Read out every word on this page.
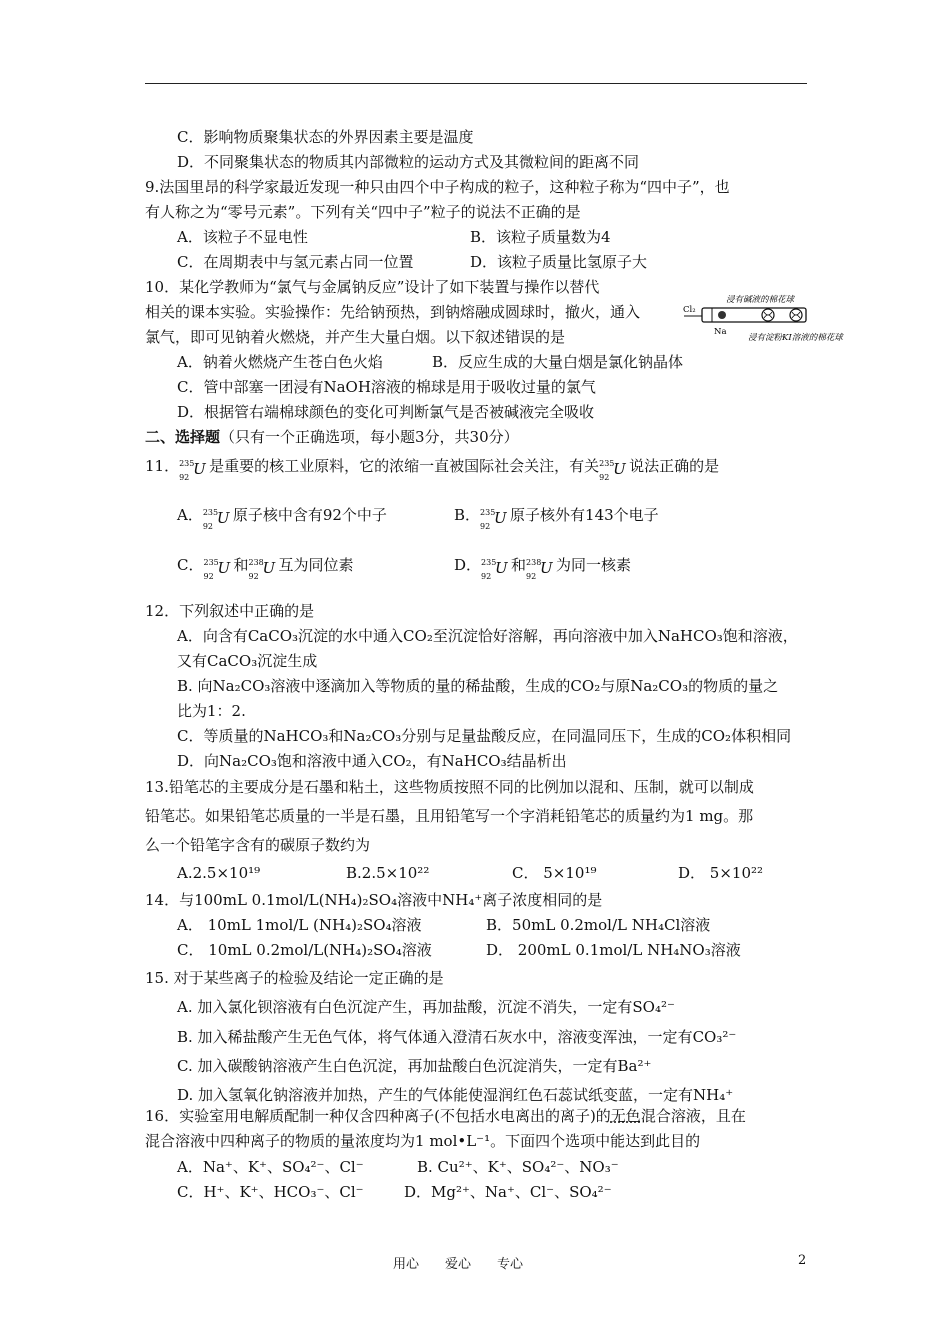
C．影响物质聚集状态的外界因素主要是温度
D．不同聚集状态的物质其内部微粒的运动方式及其微粒间的距离不同
9.法国里昂的科学家最近发现一种只由四个中子构成的粒子，这种粒子称为“四中子”，也
有人称之为“零号元素”。下列有关“四中子”粒子的说法不正确的是
A．该粒子不显电性	B．该粒子质量数为4
C．在周期表中与氢元素占同一位置	D．该粒子质量比氢原子大
10．某化学教师为“氯气与金属钠反应”设计了如下装置与操作以替代
相关的课本实验。实验操作：先给钠预热，到钠熔融成圆球时，撤火，通入
氯气，即可见钠着火燃烧，并产生大量白烟。以下叙述错误的是
A．钠着火燃烧产生苍白色火焰	B．反应生成的大量白烟是氯化钠晶体
C．管中部塞一团浸有NaOH溶液的棉球是用于吸收过量的氯气
D．根据管右端棉球颜色的变化可判断氯气是否被碱液完全吸收
浸有碱液的棉花球
Cl₂
Na
浸有淀粉KI溶液的棉花球
二、选择题（只有一个正确选项，每小题3分，共30分）
11． 235
92 U 是重要的核工业原料，它的浓缩一直被国际社会关注，有关 235
92 U 说法正确的是
A． 235
92 U 原子核中含有92个中子	B． 235
92 U 原子核外有143个电子
C． 235
92 U 和 238
92 U 互为同位素	D． 235
92 U 和 238
92 U 为同一核素
12．下列叙述中正确的是
A．向含有CaCO₃沉淀的水中通入CO₂至沉淀恰好溶解，再向溶液中加入NaHCO₃饱和溶液，
又有CaCO₃沉淀生成
B. 向Na₂CO₃溶液中逐滴加入等物质的量的稀盐酸，生成的CO₂与原Na₂CO₃的物质的量之
比为1：2.
C．等质量的NaHCO₃和Na₂CO₃分别与足量盐酸反应，在同温同压下，生成的CO₂体积相同
D．向Na₂CO₃饱和溶液中通入CO₂，有NaHCO₃结晶析出
13.铅笔芯的主要成分是石墨和粘土，这些物质按照不同的比例加以混和、压制，就可以制成
铅笔芯。如果铅笔芯质量的一半是石墨，且用铅笔写一个字消耗铅笔芯的质量约为1 mg。那
么一个铅笔字含有的碳原子数约为
A.2.5×10¹⁹	B.2.5×10²²	C． 5×10¹⁹	D． 5×10²²
14．与100mL 0.1mol/L(NH₄)₂SO₄溶液中NH₄⁺离子浓度相同的是
A． 10mL 1mol/L (NH₄)₂SO₄溶液	B．50mL 0.2mol/L NH₄Cl溶液
C． 10mL 0.2mol/L(NH₄)₂SO₄溶液	D． 200mL 0.1mol/L NH₄NO₃溶液
15. 对于某些离子的检验及结论一定正确的是
A. 加入氯化钡溶液有白色沉淀产生，再加盐酸，沉淀不消失，一定有SO₄²⁻
B. 加入稀盐酸产生无色气体，将气体通入澄清石灰水中，溶液变浑浊，一定有CO₃²⁻
C. 加入碳酸钠溶液产生白色沉淀，再加盐酸白色沉淀消失，一定有Ba²⁺
D. 加入氢氧化钠溶液并加热，产生的气体能使湿润红色石蕊试纸变蓝，一定有NH₄⁺
16．实验室用电解质配制一种仅含四种离子(不包括水电离出的离子)的无色混合溶液，且在
混合溶液中四种离子的物质的量浓度均为1 mol•L⁻¹。下面四个选项中能达到此目的
A．Na⁺、K⁺、SO₄²⁻、Cl⁻	B. Cu²⁺、K⁺、SO₄²⁻、NO₃⁻
C．H⁺、K⁺、HCO₃⁻、Cl⁻	D．Mg²⁺、Na⁺、Cl⁻、SO₄²⁻
用心 爱心 专心	2
